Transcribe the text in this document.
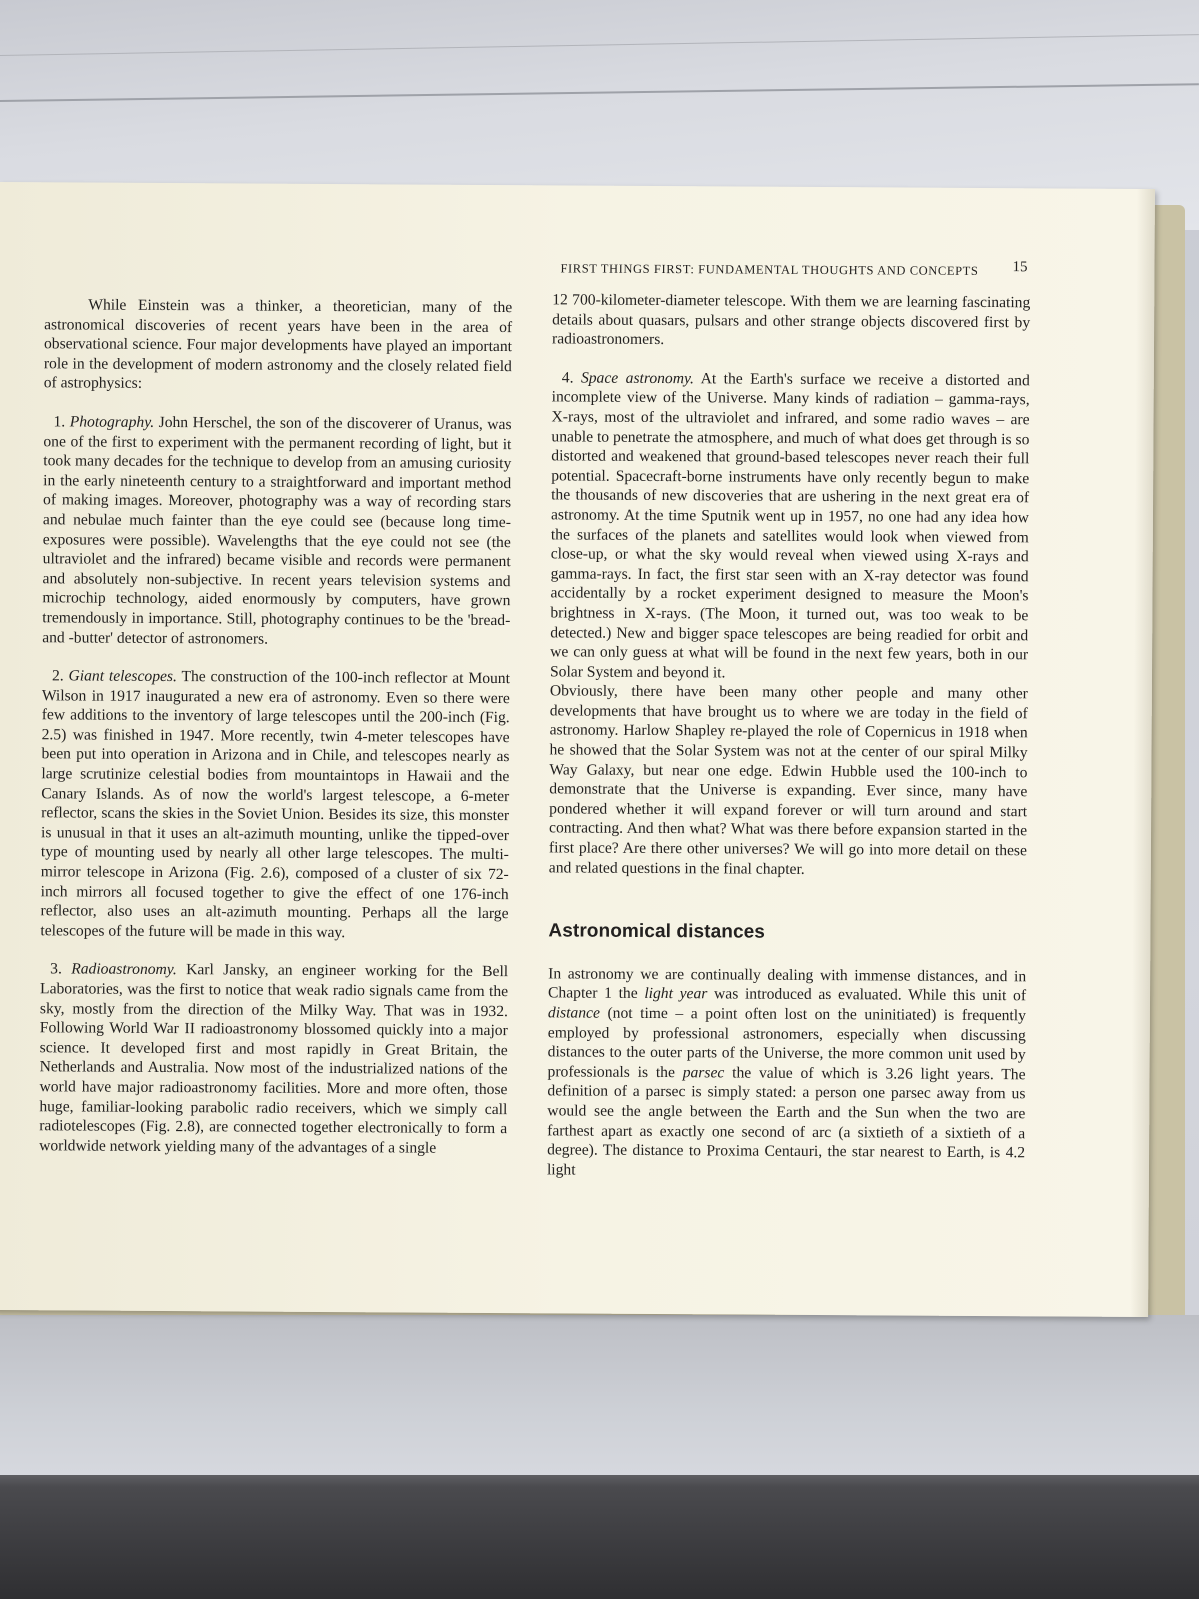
FIRST THINGS FIRST: FUNDAMENTAL THOUGHTS AND CONCEPTS 15

While Einstein was a thinker, a theoretician, many of the astronomical discoveries of recent years have been in the area of observational science. Four major developments have played an important role in the development of modern astronomy and the closely related field of astrophysics:

1. Photography. John Herschel, the son of the discoverer of Uranus, was one of the first to experiment with the permanent recording of light, but it took many decades for the technique to develop from an amusing curiosity in the early nineteenth century to a straightforward and important method of making images. Moreover, photography was a way of recording stars and nebulae much fainter than the eye could see (because long time-exposures were possible). Wavelengths that the eye could not see (the ultraviolet and the infrared) became visible and records were permanent and absolutely non-subjective. In recent years television systems and microchip technology, aided enormously by computers, have grown tremendously in importance. Still, photography continues to be the 'bread-and -butter' detector of astronomers.

2. Giant telescopes. The construction of the 100-inch reflector at Mount Wilson in 1917 inaugurated a new era of astronomy. Even so there were few additions to the inventory of large telescopes until the 200-inch (Fig. 2.5) was finished in 1947. More recently, twin 4-meter telescopes have been put into operation in Arizona and in Chile, and telescopes nearly as large scrutinize celestial bodies from mountaintops in Hawaii and the Canary Islands. As of now the world's largest telescope, a 6-meter reflector, scans the skies in the Soviet Union. Besides its size, this monster is unusual in that it uses an alt-azimuth mounting, unlike the tipped-over type of mounting used by nearly all other large telescopes. The multi-mirror telescope in Arizona (Fig. 2.6), composed of a cluster of six 72-inch mirrors all focused together to give the effect of one 176-inch reflector, also uses an alt-azimuth mounting. Perhaps all the large telescopes of the future will be made in this way.

3. Radioastronomy. Karl Jansky, an engineer working for the Bell Laboratories, was the first to notice that weak radio signals came from the sky, mostly from the direction of the Milky Way. That was in 1932. Following World War II radioastronomy blossomed quickly into a major science. It developed first and most rapidly in Great Britain, the Netherlands and Australia. Now most of the industrialized nations of the world have major radioastronomy facilities. More and more often, those huge, familiar-looking parabolic radio receivers, which we simply call radiotelescopes (Fig. 2.8), are connected together electronically to form a worldwide network yielding many of the advantages of a single

12 700-kilometer-diameter telescope. With them we are learning fascinating details about quasars, pulsars and other strange objects discovered first by radioastronomers.

4. Space astronomy. At the Earth's surface we receive a distorted and incomplete view of the Universe. Many kinds of radiation – gamma-rays, X-rays, most of the ultraviolet and infrared, and some radio waves – are unable to penetrate the atmosphere, and much of what does get through is so distorted and weakened that ground-based telescopes never reach their full potential. Spacecraft-borne instruments have only recently begun to make the thousands of new discoveries that are ushering in the next great era of astronomy. At the time Sputnik went up in 1957, no one had any idea how the surfaces of the planets and satellites would look when viewed from close-up, or what the sky would reveal when viewed using X-rays and gamma-rays. In fact, the first star seen with an X-ray detector was found accidentally by a rocket experiment designed to measure the Moon's brightness in X-rays. (The Moon, it turned out, was too weak to be detected.) New and bigger space telescopes are being readied for orbit and we can only guess at what will be found in the next few years, both in our Solar System and beyond it.

Obviously, there have been many other people and many other developments that have brought us to where we are today in the field of astronomy. Harlow Shapley re-played the role of Copernicus in 1918 when he showed that the Solar System was not at the center of our spiral Milky Way Galaxy, but near one edge. Edwin Hubble used the 100-inch to demonstrate that the Universe is expanding. Ever since, many have pondered whether it will expand forever or will turn around and start contracting. And then what? What was there before expansion started in the first place? Are there other universes? We will go into more detail on these and related questions in the final chapter.

Astronomical distances

In astronomy we are continually dealing with immense distances, and in Chapter 1 the light year was introduced as evaluated. While this unit of distance (not time – a point often lost on the uninitiated) is frequently employed by professional astronomers, especially when discussing distances to the outer parts of the Universe, the more common unit used by professionals is the parsec the value of which is 3.26 light years. The definition of a parsec is simply stated: a person one parsec away from us would see the angle between the Earth and the Sun when the two are farthest apart as exactly one second of arc (a sixtieth of a sixtieth of a degree). The distance to Proxima Centauri, the star nearest to Earth, is 4.2 light
